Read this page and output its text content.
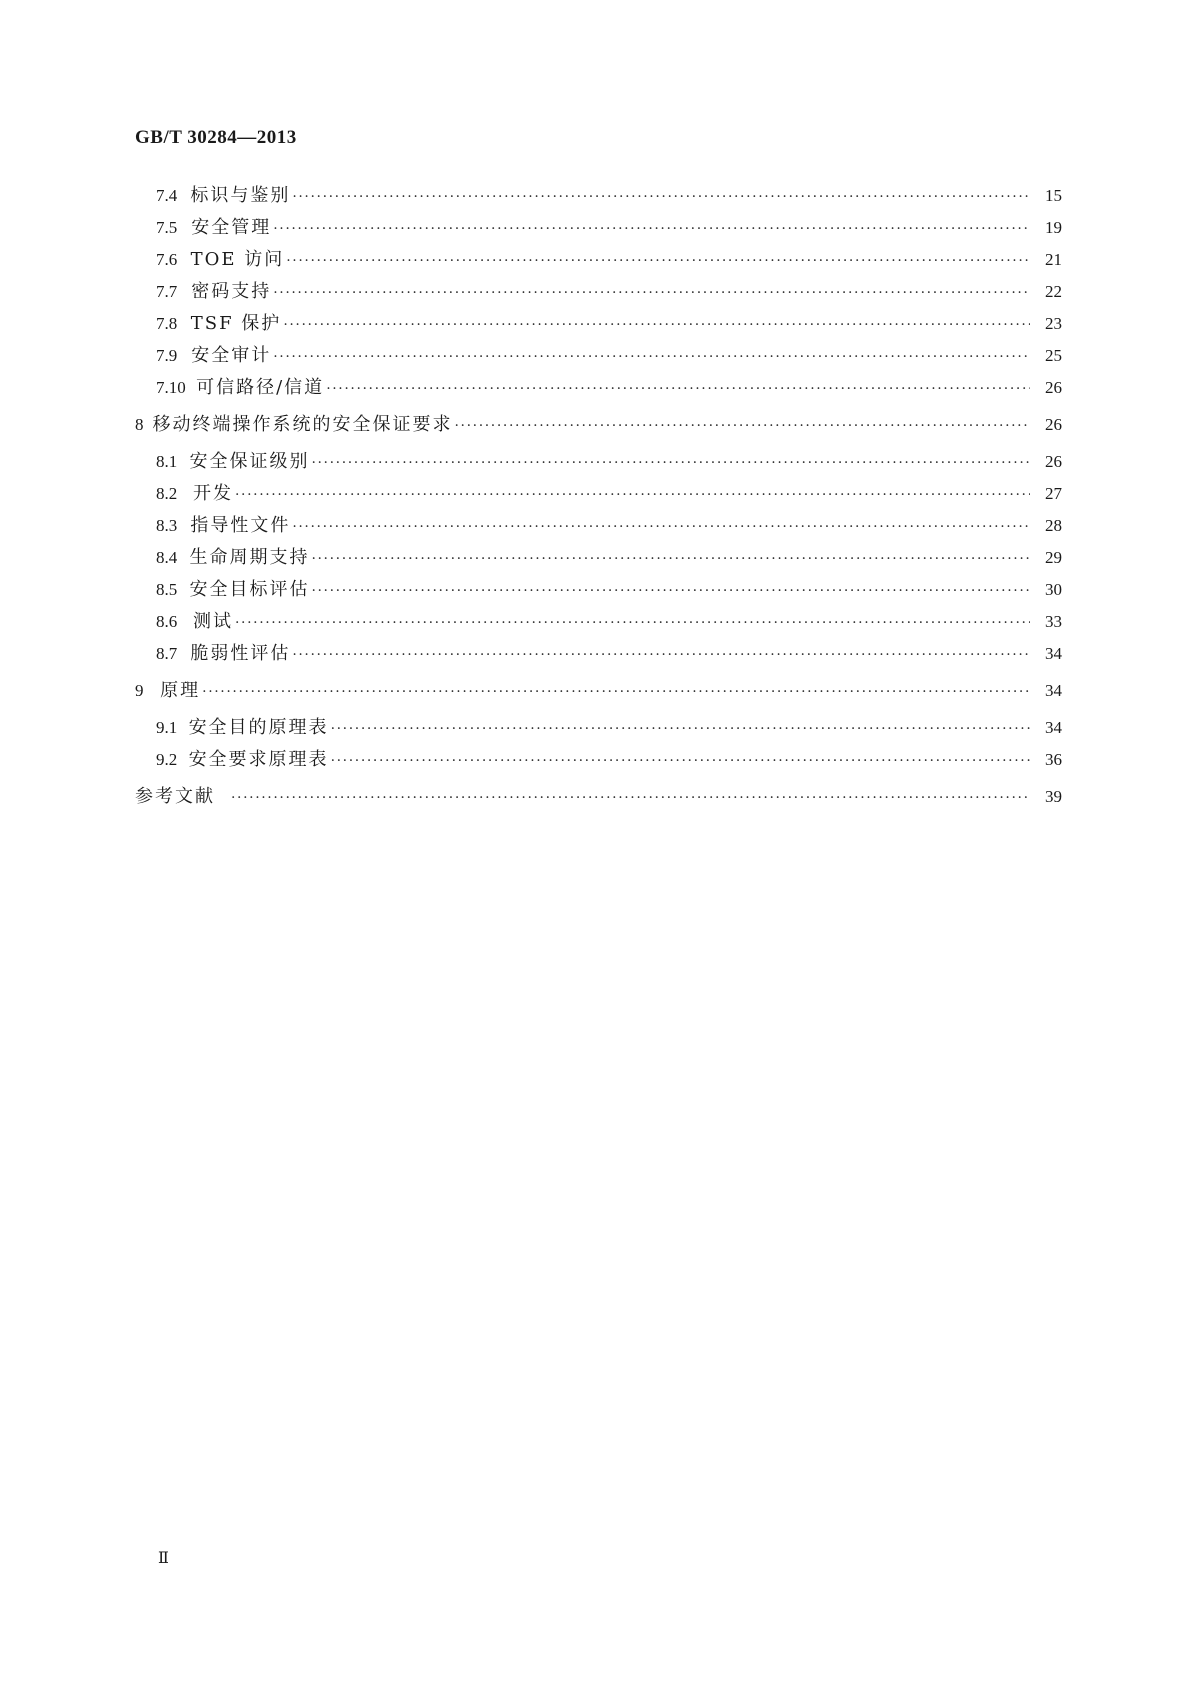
GB/T 30284—2013
7.4 标识与鉴别 ·····	15
7.5 安全管理 ·····	19
7.6 TOE 访问 ·····	21
7.7 密码支持 ·····	22
7.8 TSF 保护 ·····	23
7.9 安全审计 ·····	25
7.10 可信路径/信道 ·····	26
8 移动终端操作系统的安全保证要求 ·····	26
8.1 安全保证级别 ·····	26
8.2 开发 ·····	27
8.3 指导性文件 ·····	28
8.4 生命周期支持 ·····	29
8.5 安全目标评估 ·····	30
8.6 测试 ·····	33
8.7 脆弱性评估 ·····	34
9 原理 ·····	34
9.1 安全目的原理表 ·····	34
9.2 安全要求原理表 ·····	36
参考文献 ·····	39
Ⅱ
